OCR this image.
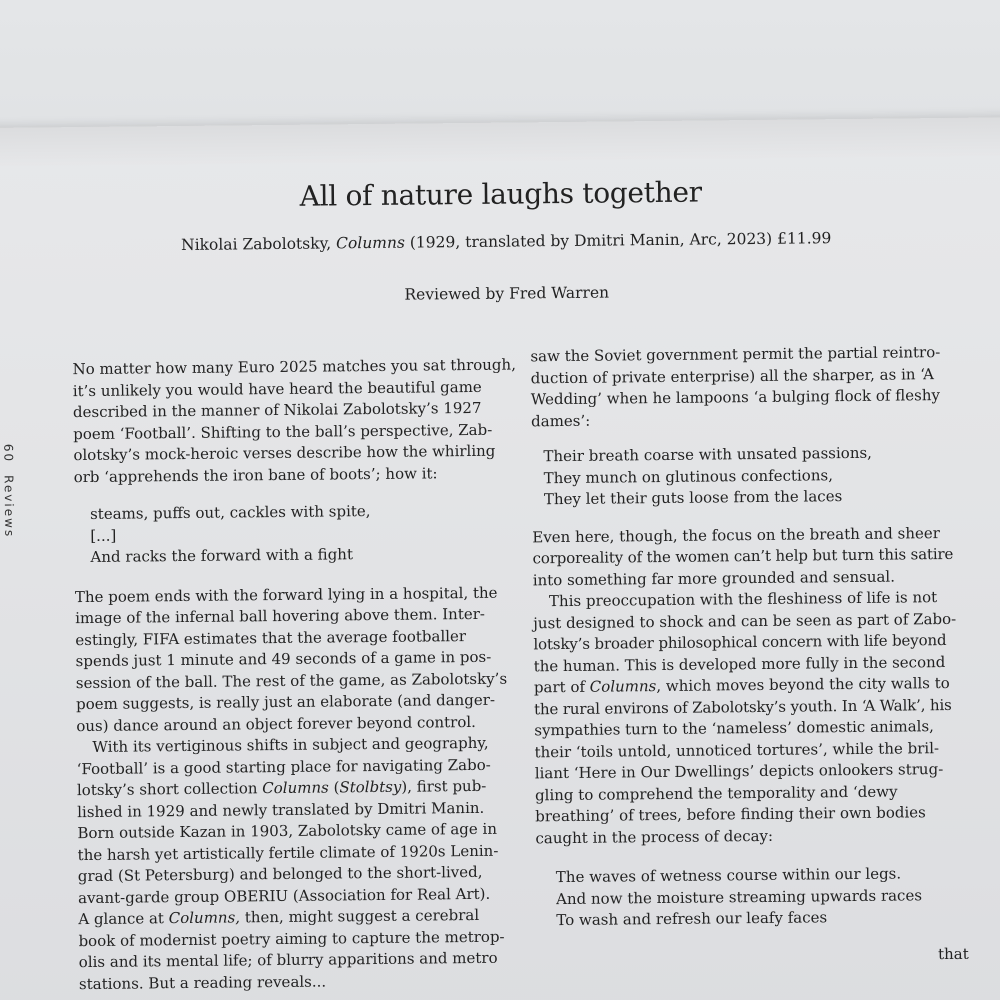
All of nature laughs together

Nikolai Zabolotsky, Columns (1929, translated by Dmitri Manin, Arc, 2023) £11.99

Reviewed by Fred Warren

60Reviews

No matter how many Euro 2025 matches you sat through,
it’s unlikely you would have heard the beautiful game
described in the manner of Nikolai Zabolotsky’s 1927
poem ‘Football’. Shifting to the ball’s perspective, Zab-
olotsky’s mock-heroic verses describe how the whirling
orb ‘apprehends the iron bane of boots’; how it:

steams, puffs out, cackles with spite,
[...]
And racks the forward with a fight

The poem ends with the forward lying in a hospital, the
image of the infernal ball hovering above them. Inter-
estingly, FIFA estimates that the average footballer
spends just 1 minute and 49 seconds of a game in pos-
session of the ball. The rest of the game, as Zabolotsky’s
poem suggests, is really just an elaborate (and danger-
ous) dance around an object forever beyond control.

With its vertiginous shifts in subject and geography,
‘Football’ is a good starting place for navigating Zabo-
lotsky’s short collection Columns (Stolbtsy), first pub-
lished in 1929 and newly translated by Dmitri Manin.
Born outside Kazan in 1903, Zabolotsky came of age in
the harsh yet artistically fertile climate of 1920s Lenin-
grad (St Petersburg) and belonged to the short-lived,
avant-garde group OBERIU (Association for Real Art).
A glance at Columns, then, might suggest a cerebral
book of modernist poetry aiming to capture the metrop-
olis and its mental life; of blurry apparitions and metro
stations. But a reading reveals...

saw the Soviet government permit the partial reintro-
duction of private enterprise) all the sharper, as in ‘A
Wedding’ when he lampoons ‘a bulging flock of fleshy
dames’:

Their breath coarse with unsated passions,
They munch on glutinous confections,
They let their guts loose from the laces

Even here, though, the focus on the breath and sheer
corporeality of the women can’t help but turn this satire
into something far more grounded and sensual.

This preoccupation with the fleshiness of life is not
just designed to shock and can be seen as part of Zabo-
lotsky’s broader philosophical concern with life beyond
the human. This is developed more fully in the second
part of Columns, which moves beyond the city walls to
the rural environs of Zabolotsky’s youth. In ‘A Walk’, his
sympathies turn to the ‘nameless’ domestic animals,
their ‘toils untold, unnoticed tortures’, while the bril-
liant ‘Here in Our Dwellings’ depicts onlookers strug-
gling to comprehend the temporality and ‘dewy
breathing’ of trees, before finding their own bodies
caught in the process of decay:

The waves of wetness course within our legs.
And now the moisture streaming upwards races
To wash and refresh our leafy faces
that
